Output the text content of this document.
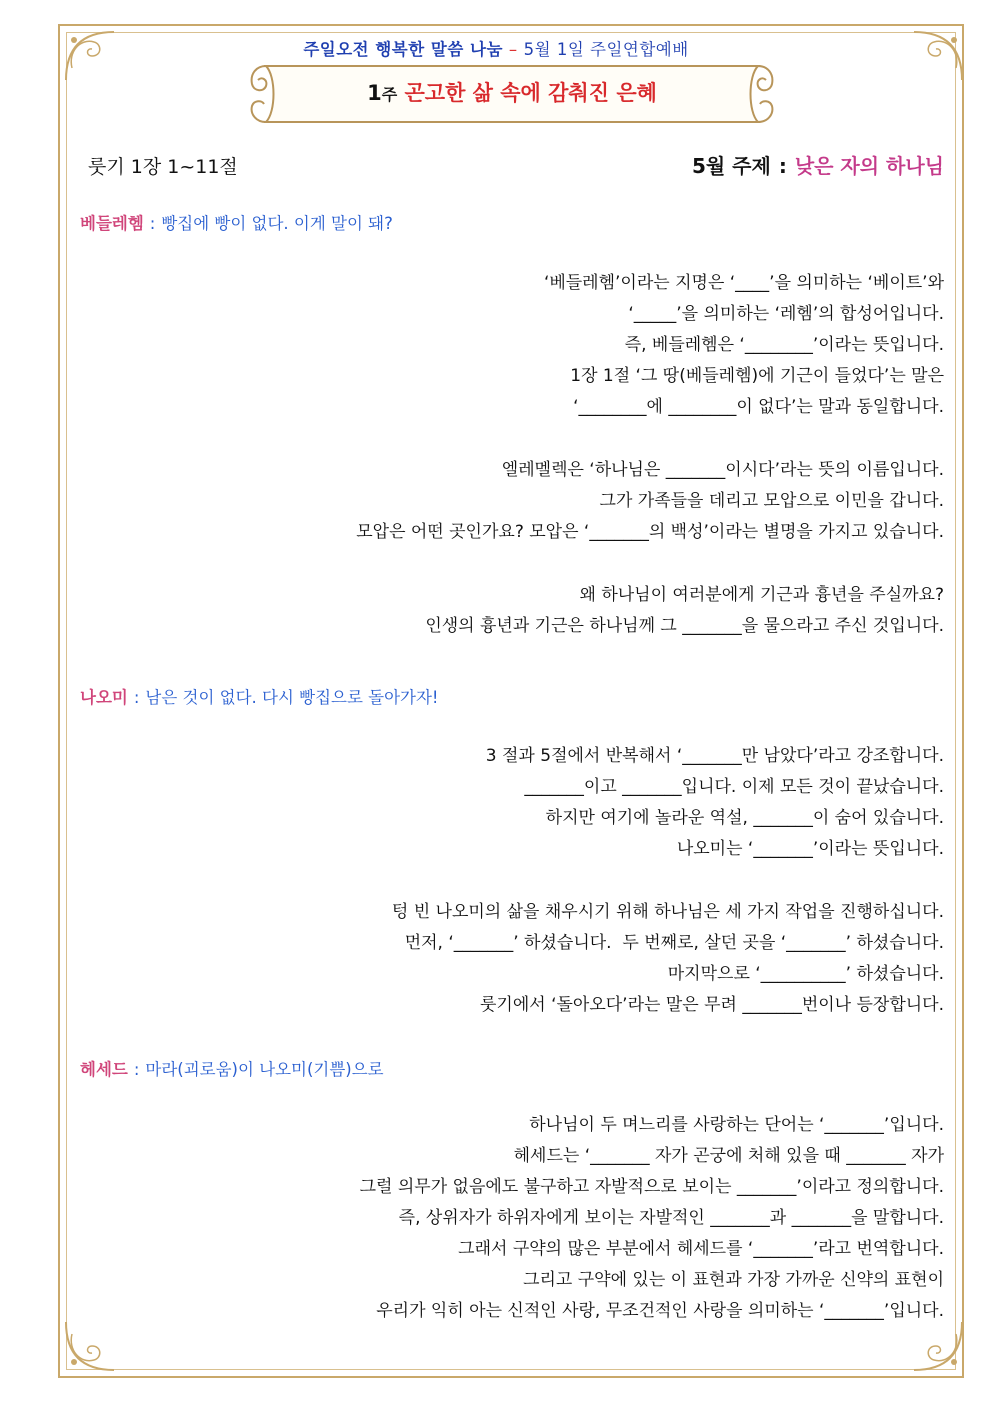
주일오전 행복한 말씀 나눔 – 5월 1일 주일연합예배
1주 곤고한 삶 속에 감춰진 은혜
룻기 1장 1~11절	5월 주제 : 낮은 자의 하나님
베들레헴 : 빵집에 빵이 없다. 이게 말이 돼?

‘베들레헴’이라는 지명은 ‘____’을 의미하는 ‘베이트’와

‘_____’을 의미하는 ‘레헴’의 합성어입니다.

즉, 베들레헴은 ‘________’이라는 뜻입니다.

1장 1절 ‘그 땅(베들레헴)에 기근이 들었다’는 말은

‘________에 ________이 없다’는 말과 동일합니다.

엘레멜렉은 ‘하나님은 _______이시다’라는 뜻의 이름입니다.

그가 가족들을 데리고 모압으로 이민을 갑니다.

모압은 어떤 곳인가요? 모압은 ‘_______의 백성’이라는 별명을 가지고 있습니다.

왜 하나님이 여러분에게 기근과 흉년을 주실까요?

인생의 흉년과 기근은 하나님께 그 _______을 물으라고 주신 것입니다.

나오미 : 남은 것이 없다. 다시 빵집으로 돌아가자!

3 절과 5절에서 반복해서 ‘_______만 남았다’라고 강조합니다.

_______이고 _______입니다. 이제 모든 것이 끝났습니다.

하지만 여기에 놀라운 역설, _______이 숨어 있습니다.

나오미는 ‘_______’이라는 뜻입니다.

텅 빈 나오미의 삶을 채우시기 위해 하나님은 세 가지 작업을 진행하십니다.

먼저, ‘_______’ 하셨습니다.  두 번째로, 살던 곳을 ‘_______’ 하셨습니다.

마지막으로 ‘__________’ 하셨습니다.

룻기에서 ‘돌아오다’라는 말은 무려 _______번이나 등장합니다.

헤세드 : 마라(괴로움)이 나오미(기쁨)으로

하나님이 두 며느리를 사랑하는 단어는 ‘_______’입니다.

헤세드는 ‘_______ 자가 곤궁에 처해 있을 때 _______ 자가

그럴 의무가 없음에도 불구하고 자발적으로 보이는 _______’이라고 정의합니다.

즉, 상위자가 하위자에게 보이는 자발적인 _______과 _______을 말합니다.

그래서 구약의 많은 부분에서 헤세드를 ‘_______’라고 번역합니다.

그리고 구약에 있는 이 표현과 가장 가까운 신약의 표현이

우리가 익히 아는 신적인 사랑, 무조건적인 사랑을 의미하는 ‘_______’입니다.
